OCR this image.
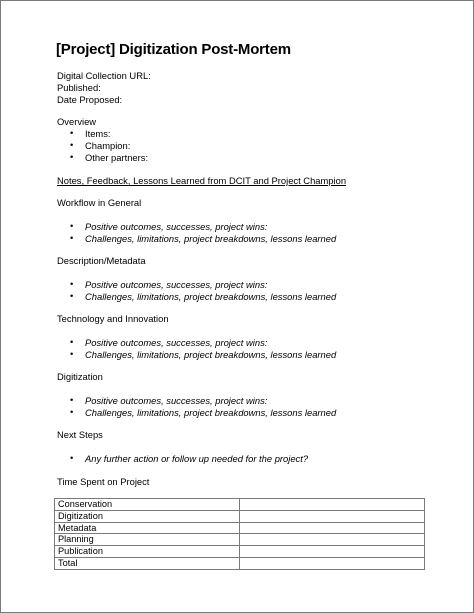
[Project] Digitization Post-Mortem
Digital Collection URL:
Published:
Date Proposed:
Overview
• Items:
• Champion:
• Other partners:
Notes, Feedback, Lessons Learned from DCIT and Project Champion
Workflow in General
• Positive outcomes, successes, project wins:
• Challenges, limitations, project breakdowns, lessons learned
Description/Metadata
• Positive outcomes, successes, project wins:
• Challenges, limitations, project breakdowns, lessons learned
Technology and Innovation
• Positive outcomes, successes, project wins:
• Challenges, limitations, project breakdowns, lessons learned
Digitization
• Positive outcomes, successes, project wins:
• Challenges, limitations, project breakdowns, lessons learned
Next Steps
• Any further action or follow up needed for the project?
Time Spent on Project
Conservation	
Digitization	
Metadata	
Planning	
Publication	
Total	
